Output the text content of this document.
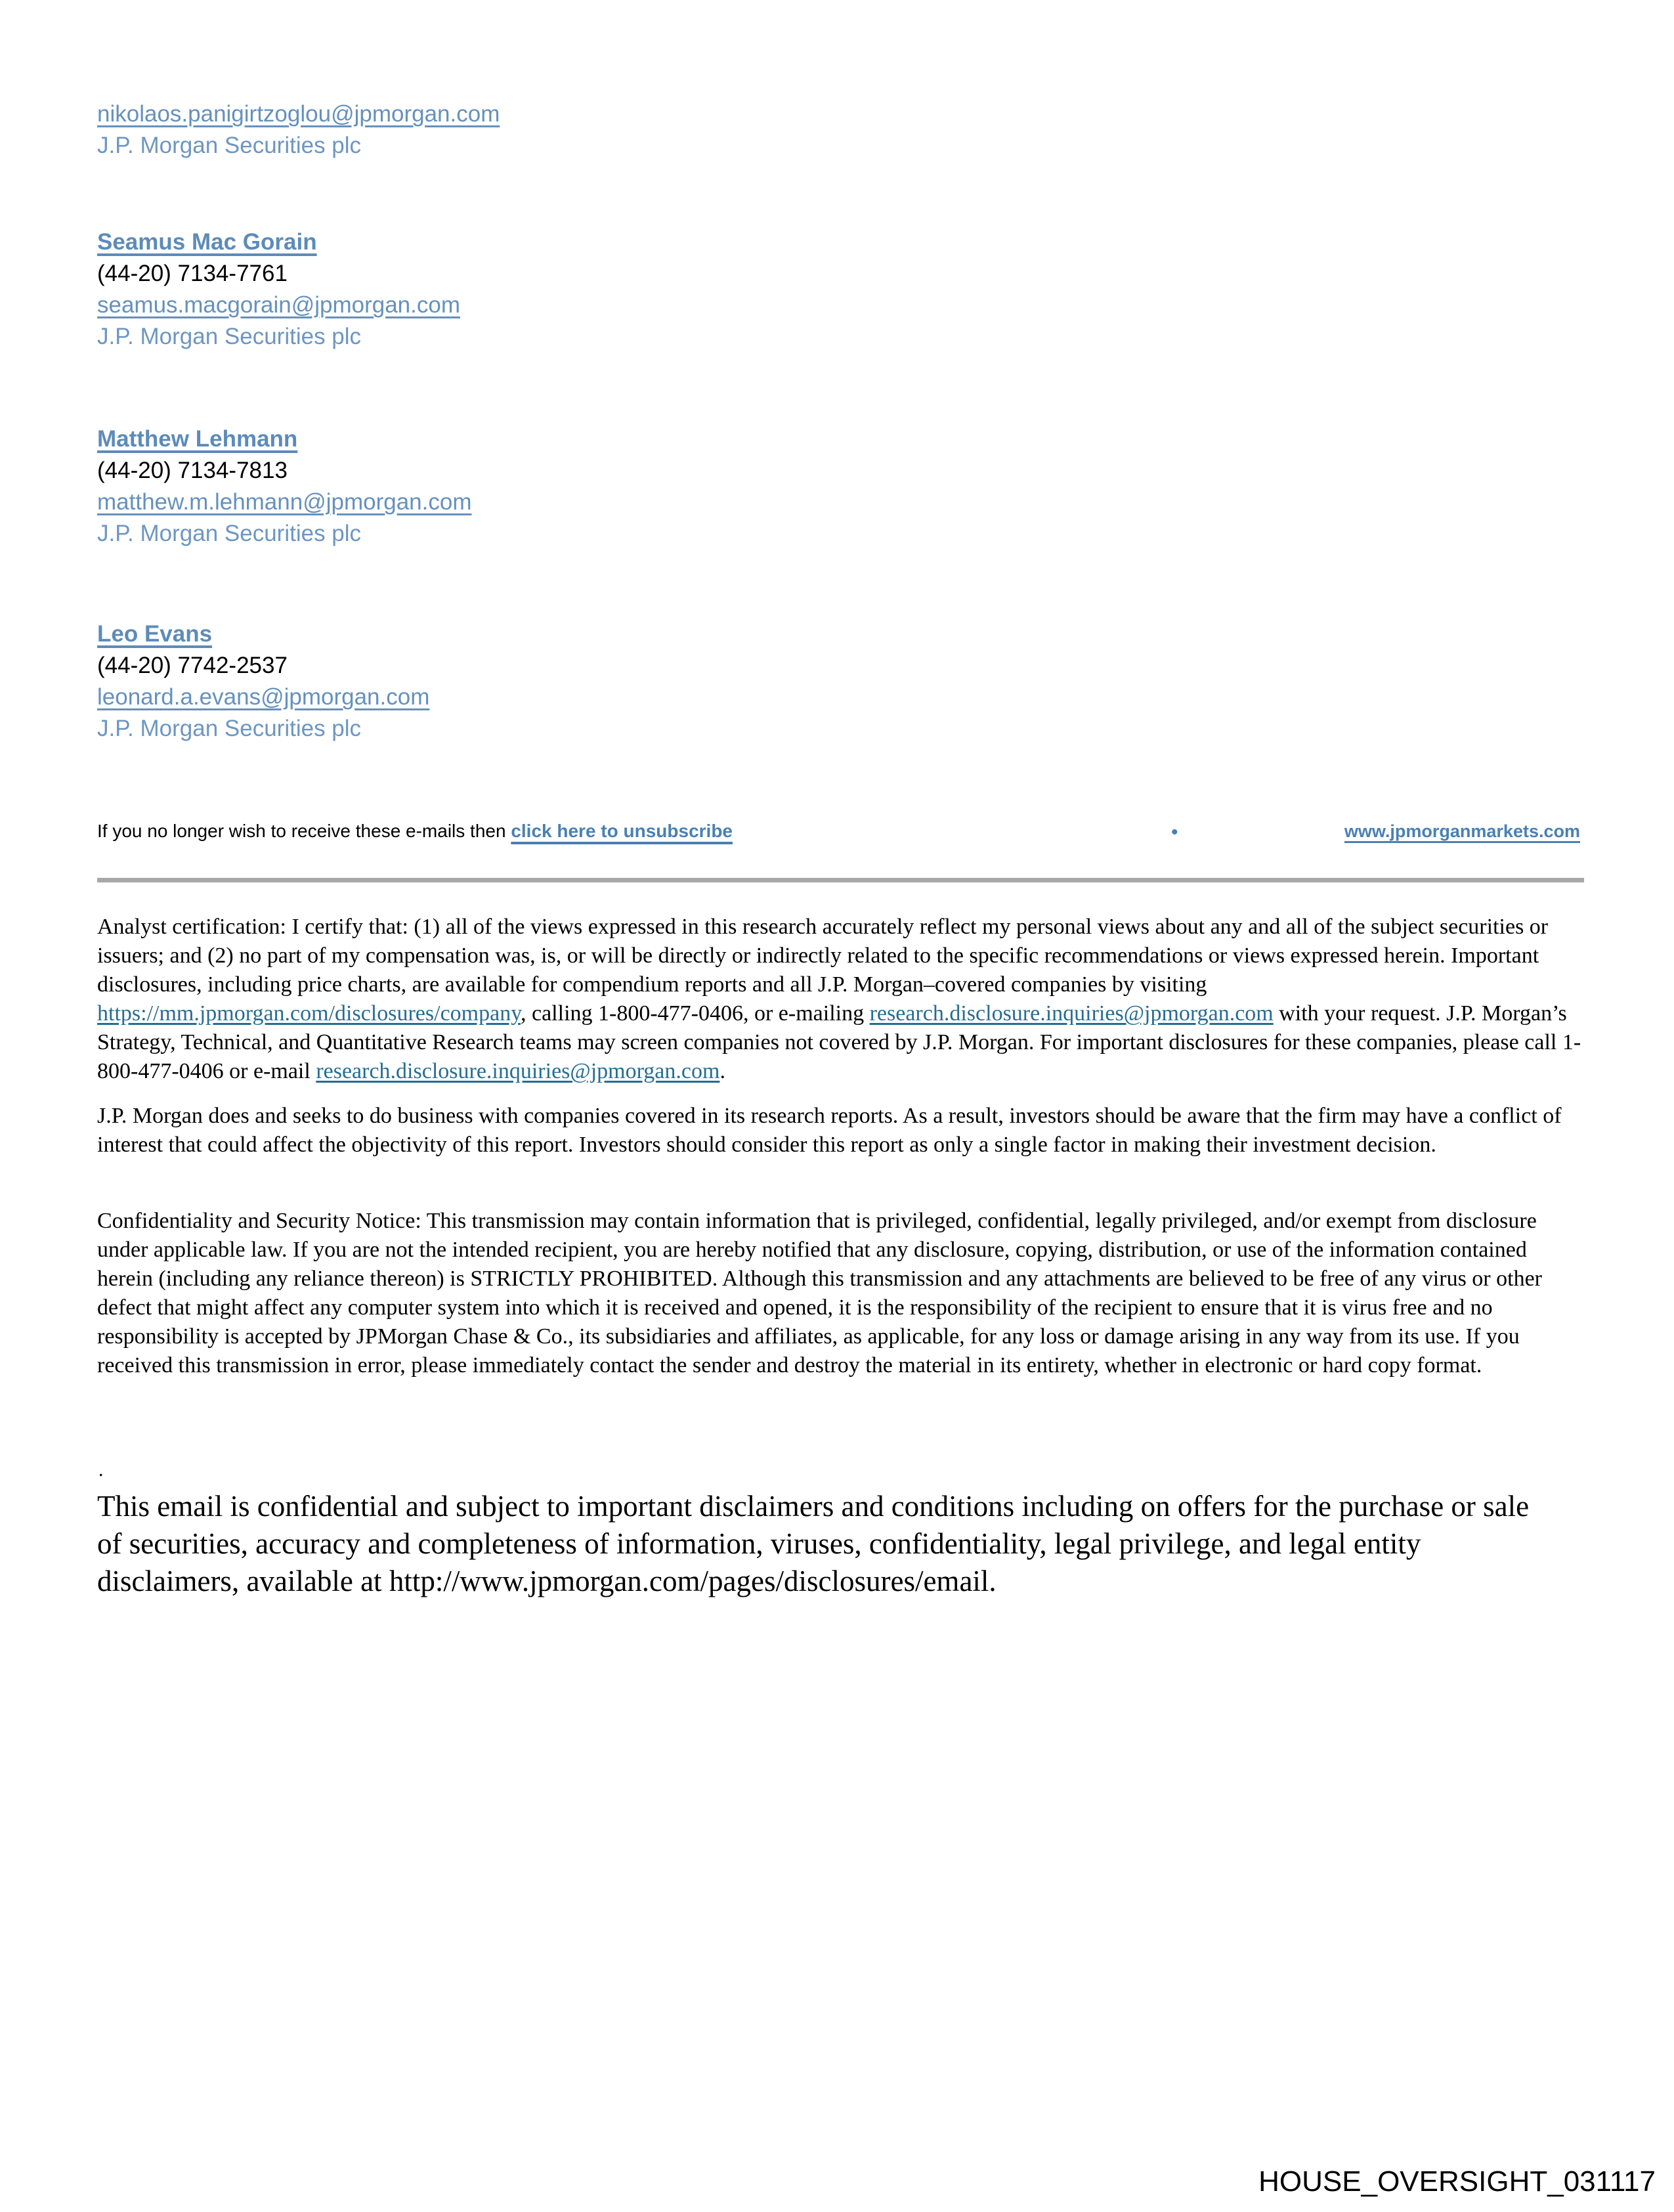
nikolaos.panigirtzoglou@jpmorgan.com
J.P. Morgan Securities plc
Seamus Mac Gorain
(44-20) 7134-7761
seamus.macgorain@jpmorgan.com
J.P. Morgan Securities plc
Matthew Lehmann
(44-20) 7134-7813
matthew.m.lehmann@jpmorgan.com
J.P. Morgan Securities plc
Leo Evans
(44-20) 7742-2537
leonard.a.evans@jpmorgan.com
J.P. Morgan Securities plc
If you no longer wish to receive these e-mails then click here to unsubscribe	•	www.jpmorganmarkets.com

Analyst certification: I certify that: (1) all of the views expressed in this research accurately reflect my personal views about any and all of the subject securities or issuers; and (2) no part of my compensation was, is, or will be directly or indirectly related to the specific recommendations or views expressed herein. Important disclosures, including price charts, are available for compendium reports and all J.P. Morgan–covered companies by visiting https://mm.jpmorgan.com/disclosures/company, calling 1-800-477-0406, or e-mailing research.disclosure.inquiries@jpmorgan.com with your request. J.P. Morgan’s Strategy, Technical, and Quantitative Research teams may screen companies not covered by J.P. Morgan. For important disclosures for these companies, please call 1-800-477-0406 or e-mail research.disclosure.inquiries@jpmorgan.com.

J.P. Morgan does and seeks to do business with companies covered in its research reports. As a result, investors should be aware that the firm may have a conflict of interest that could affect the objectivity of this report. Investors should consider this report as only a single factor in making their investment decision.

Confidentiality and Security Notice: This transmission may contain information that is privileged, confidential, legally privileged, and/or exempt from disclosure under applicable law. If you are not the intended recipient, you are hereby notified that any disclosure, copying, distribution, or use of the information contained herein (including any reliance thereon) is STRICTLY PROHIBITED. Although this transmission and any attachments are believed to be free of any virus or other defect that might affect any computer system into which it is received and opened, it is the responsibility of the recipient to ensure that it is virus free and no responsibility is accepted by JPMorgan Chase & Co., its subsidiaries and affiliates, as applicable, for any loss or damage arising in any way from its use. If you received this transmission in error, please immediately contact the sender and destroy the material in its entirety, whether in electronic or hard copy format.

.

This email is confidential and subject to important disclaimers and conditions including on offers for the purchase or sale of securities, accuracy and completeness of information, viruses, confidentiality, legal privilege, and legal entity disclaimers, available at http://www.jpmorgan.com/pages/disclosures/email.

HOUSE_OVERSIGHT_031117
